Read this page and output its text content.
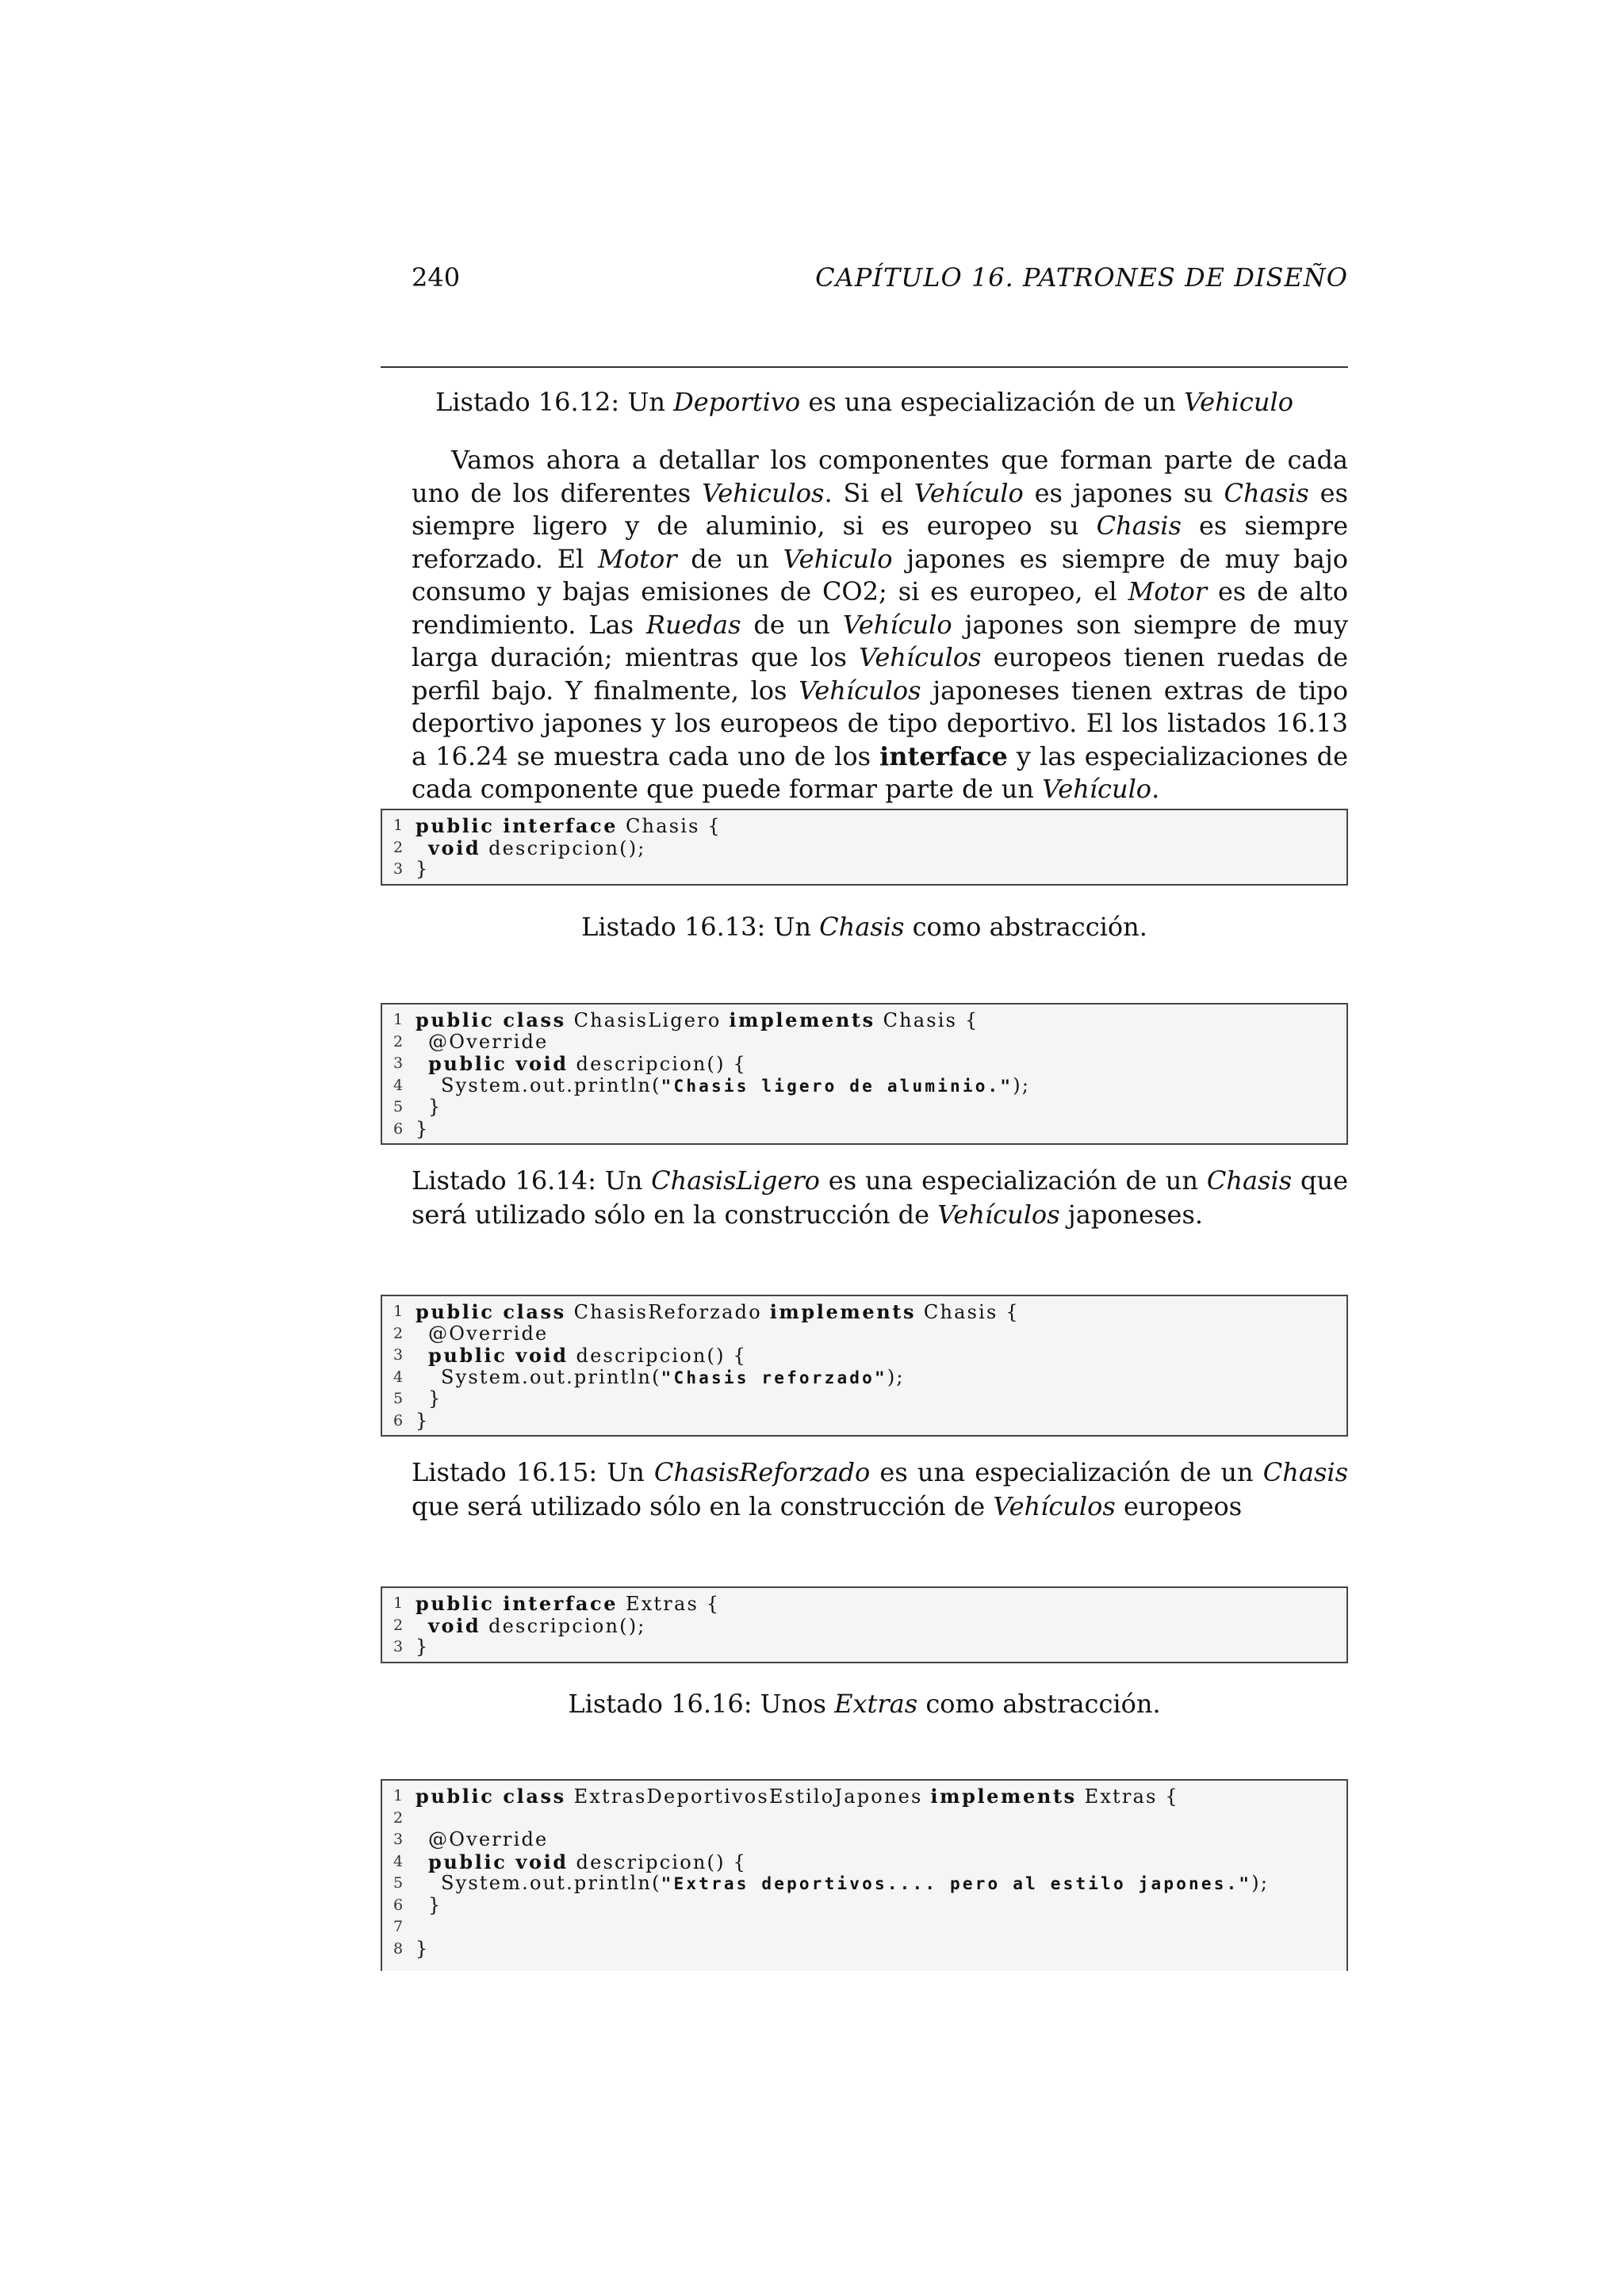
240	CAPÍTULO 16. PATRONES DE DISEÑO
Listado 16.12: Un Deportivo es una especialización de un Vehiculo
Vamos ahora a detallar los componentes que forman parte de cada uno de los diferentes Vehiculos. Si el Vehículo es japones su Chasis es siempre ligero y de aluminio, si es europeo su Chasis es siempre reforzado. El Motor de un Vehiculo japones es siempre de muy bajo consumo y bajas emisiones de CO2; si es europeo, el Motor es de alto rendimiento. Las Ruedas de un Vehículo japones son siempre de muy larga duración; mientras que los Vehículos europeos tienen ruedas de perfil bajo. Y finalmente, los Vehículos japoneses tienen extras de tipo deportivo japones y los europeos de tipo deportivo. El los listados 16.13 a 16.24 se muestra cada uno de los interface y las especializaciones de cada componente que puede formar parte de un Vehículo.
1 public interface Chasis {
2 void descripcion();
3 }
Listado 16.13: Un Chasis como abstracción.
1 public class ChasisLigero implements Chasis {
2 @Override
3 public void descripcion() {
4 System.out.println("Chasis ligero de aluminio.");
5 }
6 }
Listado 16.14: Un ChasisLigero es una especialización de un Chasis que será utilizado sólo en la construcción de Vehículos japoneses.
1 public class ChasisReforzado implements Chasis {
2 @Override
3 public void descripcion() {
4 System.out.println("Chasis reforzado");
5 }
6 }
Listado 16.15: Un ChasisReforzado es una especialización de un Chasis que será utilizado sólo en la construcción de Vehículos europeos
1 public interface Extras {
2 void descripcion();
3 }
Listado 16.16: Unos Extras como abstracción.
1 public class ExtrasDeportivosEstiloJapones implements Extras {
2
3 @Override
4 public void descripcion() {
5 System.out.println("Extras deportivos.... pero al estilo japones.");
6 }
7
8 }
